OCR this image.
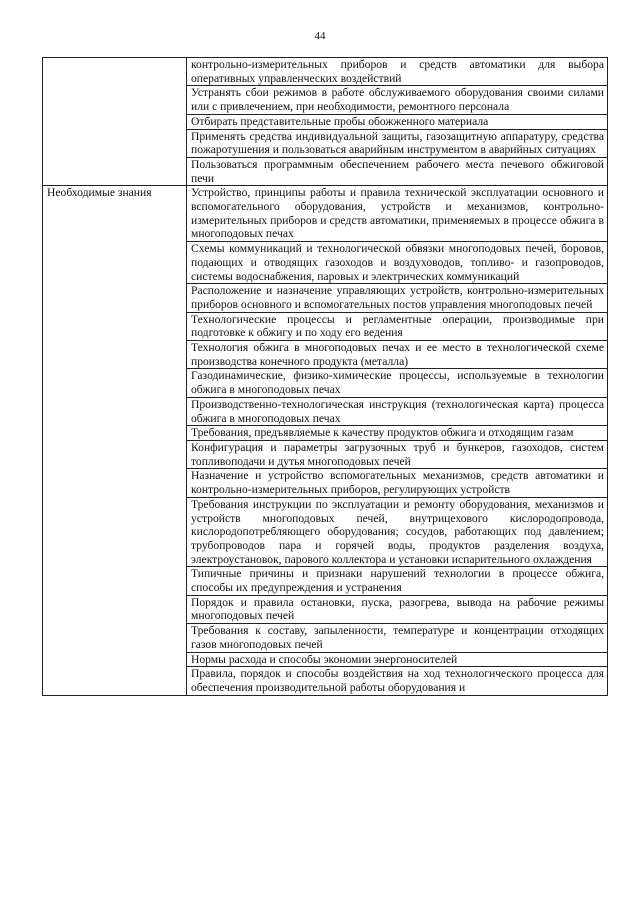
44
	контрольно-измерительных приборов и средств автоматики для выбора оперативных управленческих воздействий
	Устранять сбои режимов в работе обслуживаемого оборудования своими силами или с привлечением, при необходимости, ремонтного персонала
	Отбирать представительные пробы обожженного материала
	Применять средства индивидуальной защиты, газозащитную аппаратуру, средства пожаротушения и пользоваться аварийным инструментом в аварийных ситуациях
	Пользоваться программным обеспечением рабочего места печевого обжиговой печи
Необходимые знания	Устройство, принципы работы и правила технической эксплуатации основного и вспомогательного оборудования, устройств и механизмов, контрольно-измерительных приборов и средств автоматики, применяемых в процессе обжига в многоподовых печах
	Схемы коммуникаций и технологической обвязки многоподовых печей, боровов, подающих и отводящих газоходов и воздуховодов, топливо- и газопроводов, системы водоснабжения, паровых и электрических коммуникаций
	Расположение и назначение управляющих устройств, контрольно-измерительных приборов основного и вспомогательных постов управления многоподовых печей
	Технологические процессы и регламентные операции, производимые при подготовке к обжигу и по ходу его ведения
	Технология обжига в многоподовых печах и ее место в технологической схеме производства конечного продукта (металла)
	Газодинамические, физико-химические процессы, используемые в технологии обжига в многоподовых печах
	Производственно-технологическая инструкция (технологическая карта) процесса обжига в многоподовых печах
	Требования, предъявляемые к качеству продуктов обжига и отходящим газам
	Конфигурация и параметры загрузочных труб и бункеров, газоходов, систем топливоподачи и дутья многоподовых печей
	Назначение и устройство вспомогательных механизмов, средств автоматики и контрольно-измерительных приборов, регулирующих устройств
	Требования инструкции по эксплуатации и ремонту оборудования, механизмов и устройств многоподовых печей, внутрицехового кислородопровода, кислородопотребляющего оборудования; сосудов, работающих под давлением; трубопроводов пара и горячей воды, продуктов разделения воздуха, электроустановок, парового коллектора и установки испарительного охлаждения
	Типичные причины и признаки нарушений технологии в процессе обжига, способы их предупреждения и устранения
	Порядок и правила остановки, пуска, разогрева, вывода на рабочие режимы многоподовых печей
	Требования к составу, запыленности, температуре и концентрации отходящих газов многоподовых печей
	Нормы расхода и способы экономии энергоносителей
	Правила, порядок и способы воздействия на ход технологического процесса для обеспечения производительной работы оборудования и
